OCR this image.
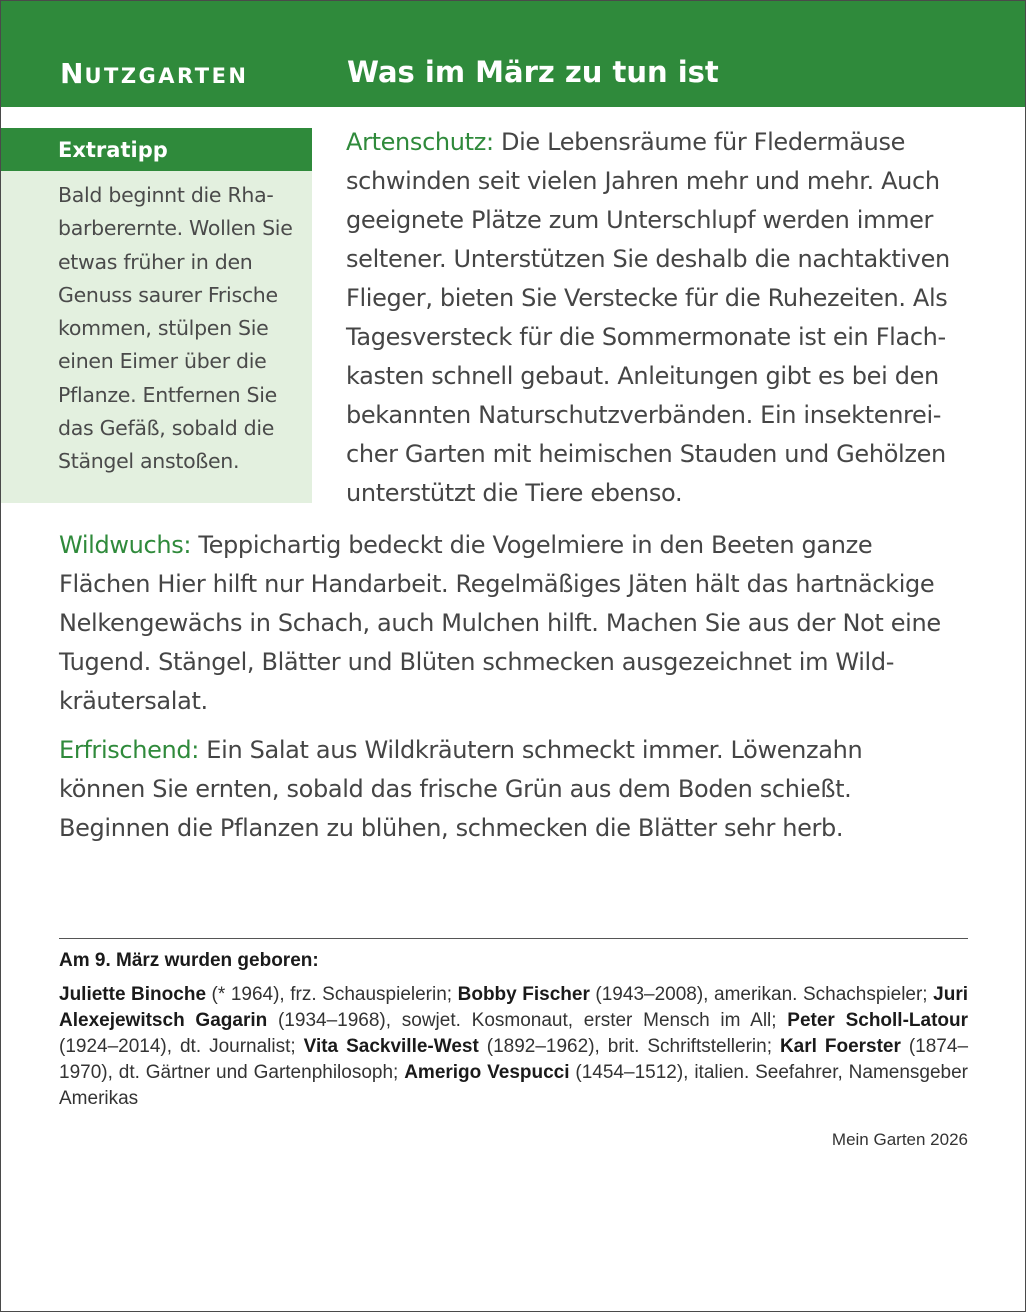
NUTZGARTEN	Was im März zu tun ist
Extratipp
Bald beginnt die Rha-
barberernte. Wollen Sie
etwas früher in den
Genuss saurer Frische
kommen, stülpen Sie
einen Eimer über die
Pflanze. Entfernen Sie
das Gefäß, sobald die
Stängel anstoßen.
Artenschutz: Die Lebensräume für Fledermäuse
schwinden seit vielen Jahren mehr und mehr. Auch
geeignete Plätze zum Unterschlupf werden immer
seltener. Unterstützen Sie deshalb die nachtaktiven
Flieger, bieten Sie Verstecke für die Ruhezeiten. Als
Tagesversteck für die Sommermonate ist ein Flach-
kasten schnell gebaut. Anleitungen gibt es bei den
bekannten Naturschutzverbänden. Ein insektenrei-
cher Garten mit heimischen Stauden und Gehölzen
unterstützt die Tiere ebenso.
Wildwuchs: Teppichartig bedeckt die Vogelmiere in den Beeten ganze
Flächen Hier hilft nur Handarbeit. Regelmäßiges Jäten hält das hartnäckige
Nelkengewächs in Schach, auch Mulchen hilft. Machen Sie aus der Not eine
Tugend. Stängel, Blätter und Blüten schmecken ausgezeichnet im Wild-
kräutersalat.
Erfrischend: Ein Salat aus Wildkräutern schmeckt immer. Löwenzahn
können Sie ernten, sobald das frische Grün aus dem Boden schießt.
Beginnen die Pflanzen zu blühen, schmecken die Blätter sehr herb.
Am 9. März wurden geboren:
Juliette Binoche (* 1964), frz. Schauspielerin; Bobby Fischer (1943–2008), amerikan. Schachspieler; Juri Alexejewitsch Gagarin (1934–1968), sowjet. Kosmonaut, erster Mensch im All; Peter Scholl-Latour (1924–2014), dt. Journalist; Vita Sackville-West (1892–1962), brit. Schriftstellerin; Karl Foerster (1874–1970), dt. Gärtner und Gartenphilosoph; Amerigo Vespucci (1454–1512), italien. Seefahrer, Namensgeber Amerikas
Mein Garten 2026
